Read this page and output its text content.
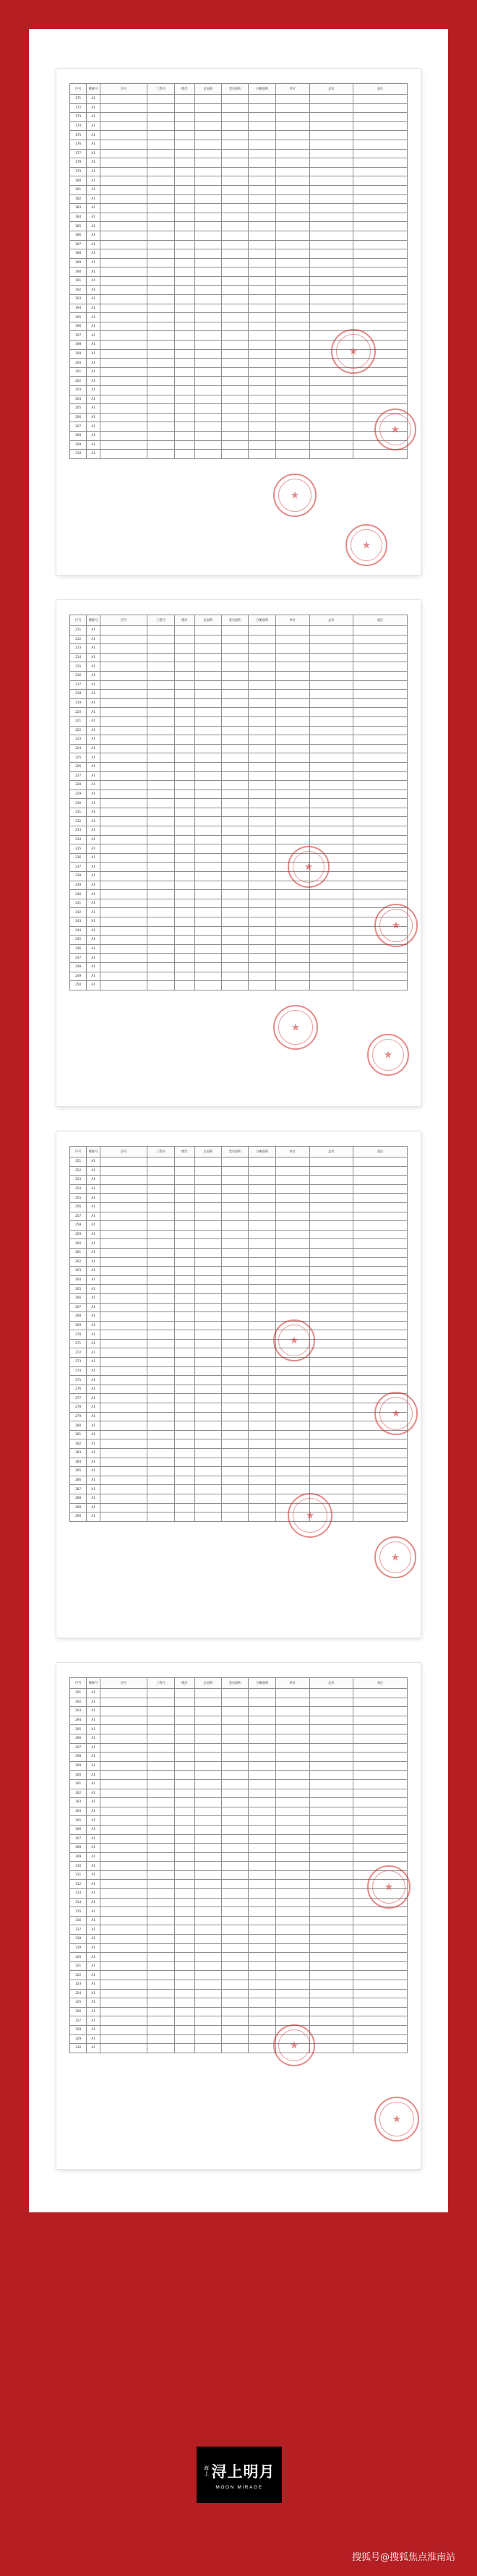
序号	楼栋号	房号	工程号	楼层	总面积	套内面积	分摊面积	单价	总价	备注
171	A1									
172	A1									
173	A1									
174	A1									
175	A1									
176	A1									
177	A1									
178	A1									
179	A1									
180	A1									
181	A1									
182	A1									
183	A1									
184	A1									
185	A1									
186	A1									
187	A1									
188	A1									
189	A1									
190	A1									
191	A1									
192	A1									
193	A1									
194	A1									
195	A1									
196	A1									
197	A1									
198	A1									
199	A1									
200	A1									
201	A1									
202	A1									
203	A1									
204	A1									
205	A1									
206	A1									
207	A1									
208	A1									
209	A1									
210	A1									
★
★
★
★
序号	楼栋号	房号	工程号	楼层	总面积	套内面积	分摊面积	单价	总价	备注
211	A1									
212	A1									
213	A1									
214	A1									
215	A1									
216	A1									
217	A1									
218	A1									
219	A1									
220	A1									
221	A1									
222	A1									
223	A1									
224	A1									
225	A1									
226	A1									
227	A1									
228	A1									
229	A1									
230	A1									
231	A1									
232	A1									
233	A1									
234	A1									
235	A1									
236	A1									
237	A1									
238	A1									
239	A1									
240	A1									
241	A1									
242	A1									
243	A1									
244	A1									
245	A1									
246	A1									
247	A1									
248	A1									
249	A1									
250	A1									
★
★
★
★
序号	楼栋号	房号	工程号	楼层	总面积	套内面积	分摊面积	单价	总价	备注
251	A1									
252	A1									
253	A1									
254	A1									
255	A1									
256	A1									
257	A1									
258	A1									
259	A1									
260	A1									
261	A1									
262	A1									
263	A1									
264	A1									
265	A1									
266	A1									
267	A1									
268	A1									
269	A1									
270	A1									
271	A1									
272	A1									
273	A1									
274	A1									
275	A1									
276	A1									
277	A1									
278	A1									
279	A1									
280	A1									
281	A1									
282	A1									
283	A1									
284	A1									
285	A1									
286	A1									
287	A1									
288	A1									
289	A1									
290	A1									
★
★
★
★
序号	楼栋号	房号	工程号	楼层	总面积	套内面积	分摊面积	单价	总价	备注
291	A1									
292	A1									
293	A1									
294	A1									
295	A1									
296	A1									
297	A1									
298	A1									
299	A1									
300	A1									
301	A1									
302	A1									
303	A1									
304	A1									
305	A1									
306	A1									
307	A1									
308	A1									
309	A1									
310	A1									
311	A1									
312	A1									
313	A1									
314	A1									
315	A1									
316	A1									
317	A1									
318	A1									
319	A1									
320	A1									
321	A1									
322	A1									
323	A1									
324	A1									
325	A1									
326	A1									
327	A1									
328	A1									
329	A1									
330	A1									
★
★
★
海上 浔上明月
MOON MIRAGE
搜狐号@搜狐焦点淮南站
